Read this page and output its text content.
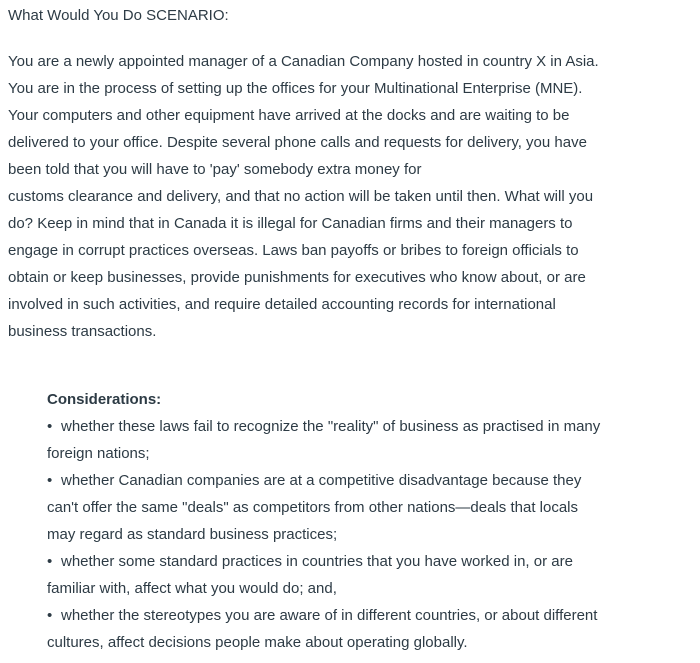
What Would You Do SCENARIO:

You are a newly appointed manager of a Canadian Company hosted in country X in Asia. You are in the process of setting up the offices for your Multinational Enterprise (MNE). Your computers and other equipment have arrived at the docks and are waiting to be delivered to your office. Despite several phone calls and requests for delivery, you have been told that you will have to 'pay' somebody extra money for

customs clearance and delivery, and that no action will be taken until then. What will you do? Keep in mind that in Canada it is illegal for Canadian firms and their managers to engage in corrupt practices overseas. Laws ban payoffs or bribes to foreign officials to obtain or keep businesses, provide punishments for executives who know about, or are involved in such activities, and require detailed accounting records for international business transactions.

Considerations:

• whether these laws fail to recognize the "reality" of business as practised in many foreign nations;
• whether Canadian companies are at a competitive disadvantage because they can't offer the same "deals" as competitors from other nations—deals that locals may regard as standard business practices;
• whether some standard practices in countries that you have worked in, or are familiar with, affect what you would do; and,
• whether the stereotypes you are aware of in different countries, or about different cultures, affect decisions people make about operating globally.
